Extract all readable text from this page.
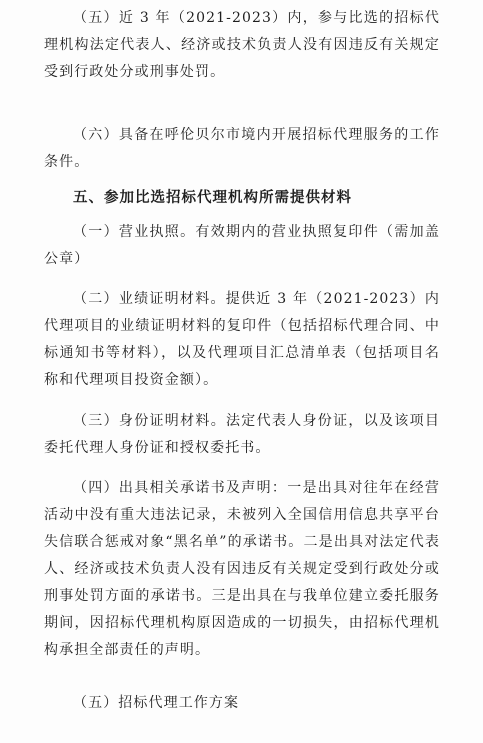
（五）近 3 年（2021-2023）内，参与比选的招标代理机构法定代表人、经济或技术负责人没有因违反有关规定受到行政处分或刑事处罚。

（六）具备在呼伦贝尔市境内开展招标代理服务的工作条件。

五、参加比选招标代理机构所需提供材料

（一）营业执照。有效期内的营业执照复印件（需加盖公章）

（二）业绩证明材料。提供近 3 年（2021-2023）内代理项目的业绩证明材料的复印件（包括招标代理合同、中标通知书等材料），以及代理项目汇总清单表（包括项目名称和代理项目投资金额）。

（三）身份证明材料。法定代表人身份证，以及该项目委托代理人身份证和授权委托书。

（四）出具相关承诺书及声明：一是出具对往年在经营活动中没有重大违法记录，未被列入全国信用信息共享平台失信联合惩戒对象“黑名单”的承诺书。二是出具对法定代表人、经济或技术负责人没有因违反有关规定受到行政处分或刑事处罚方面的承诺书。三是出具在与我单位建立委托服务期间，因招标代理机构原因造成的一切损失，由招标代理机构承担全部责任的声明。

（五）招标代理工作方案
